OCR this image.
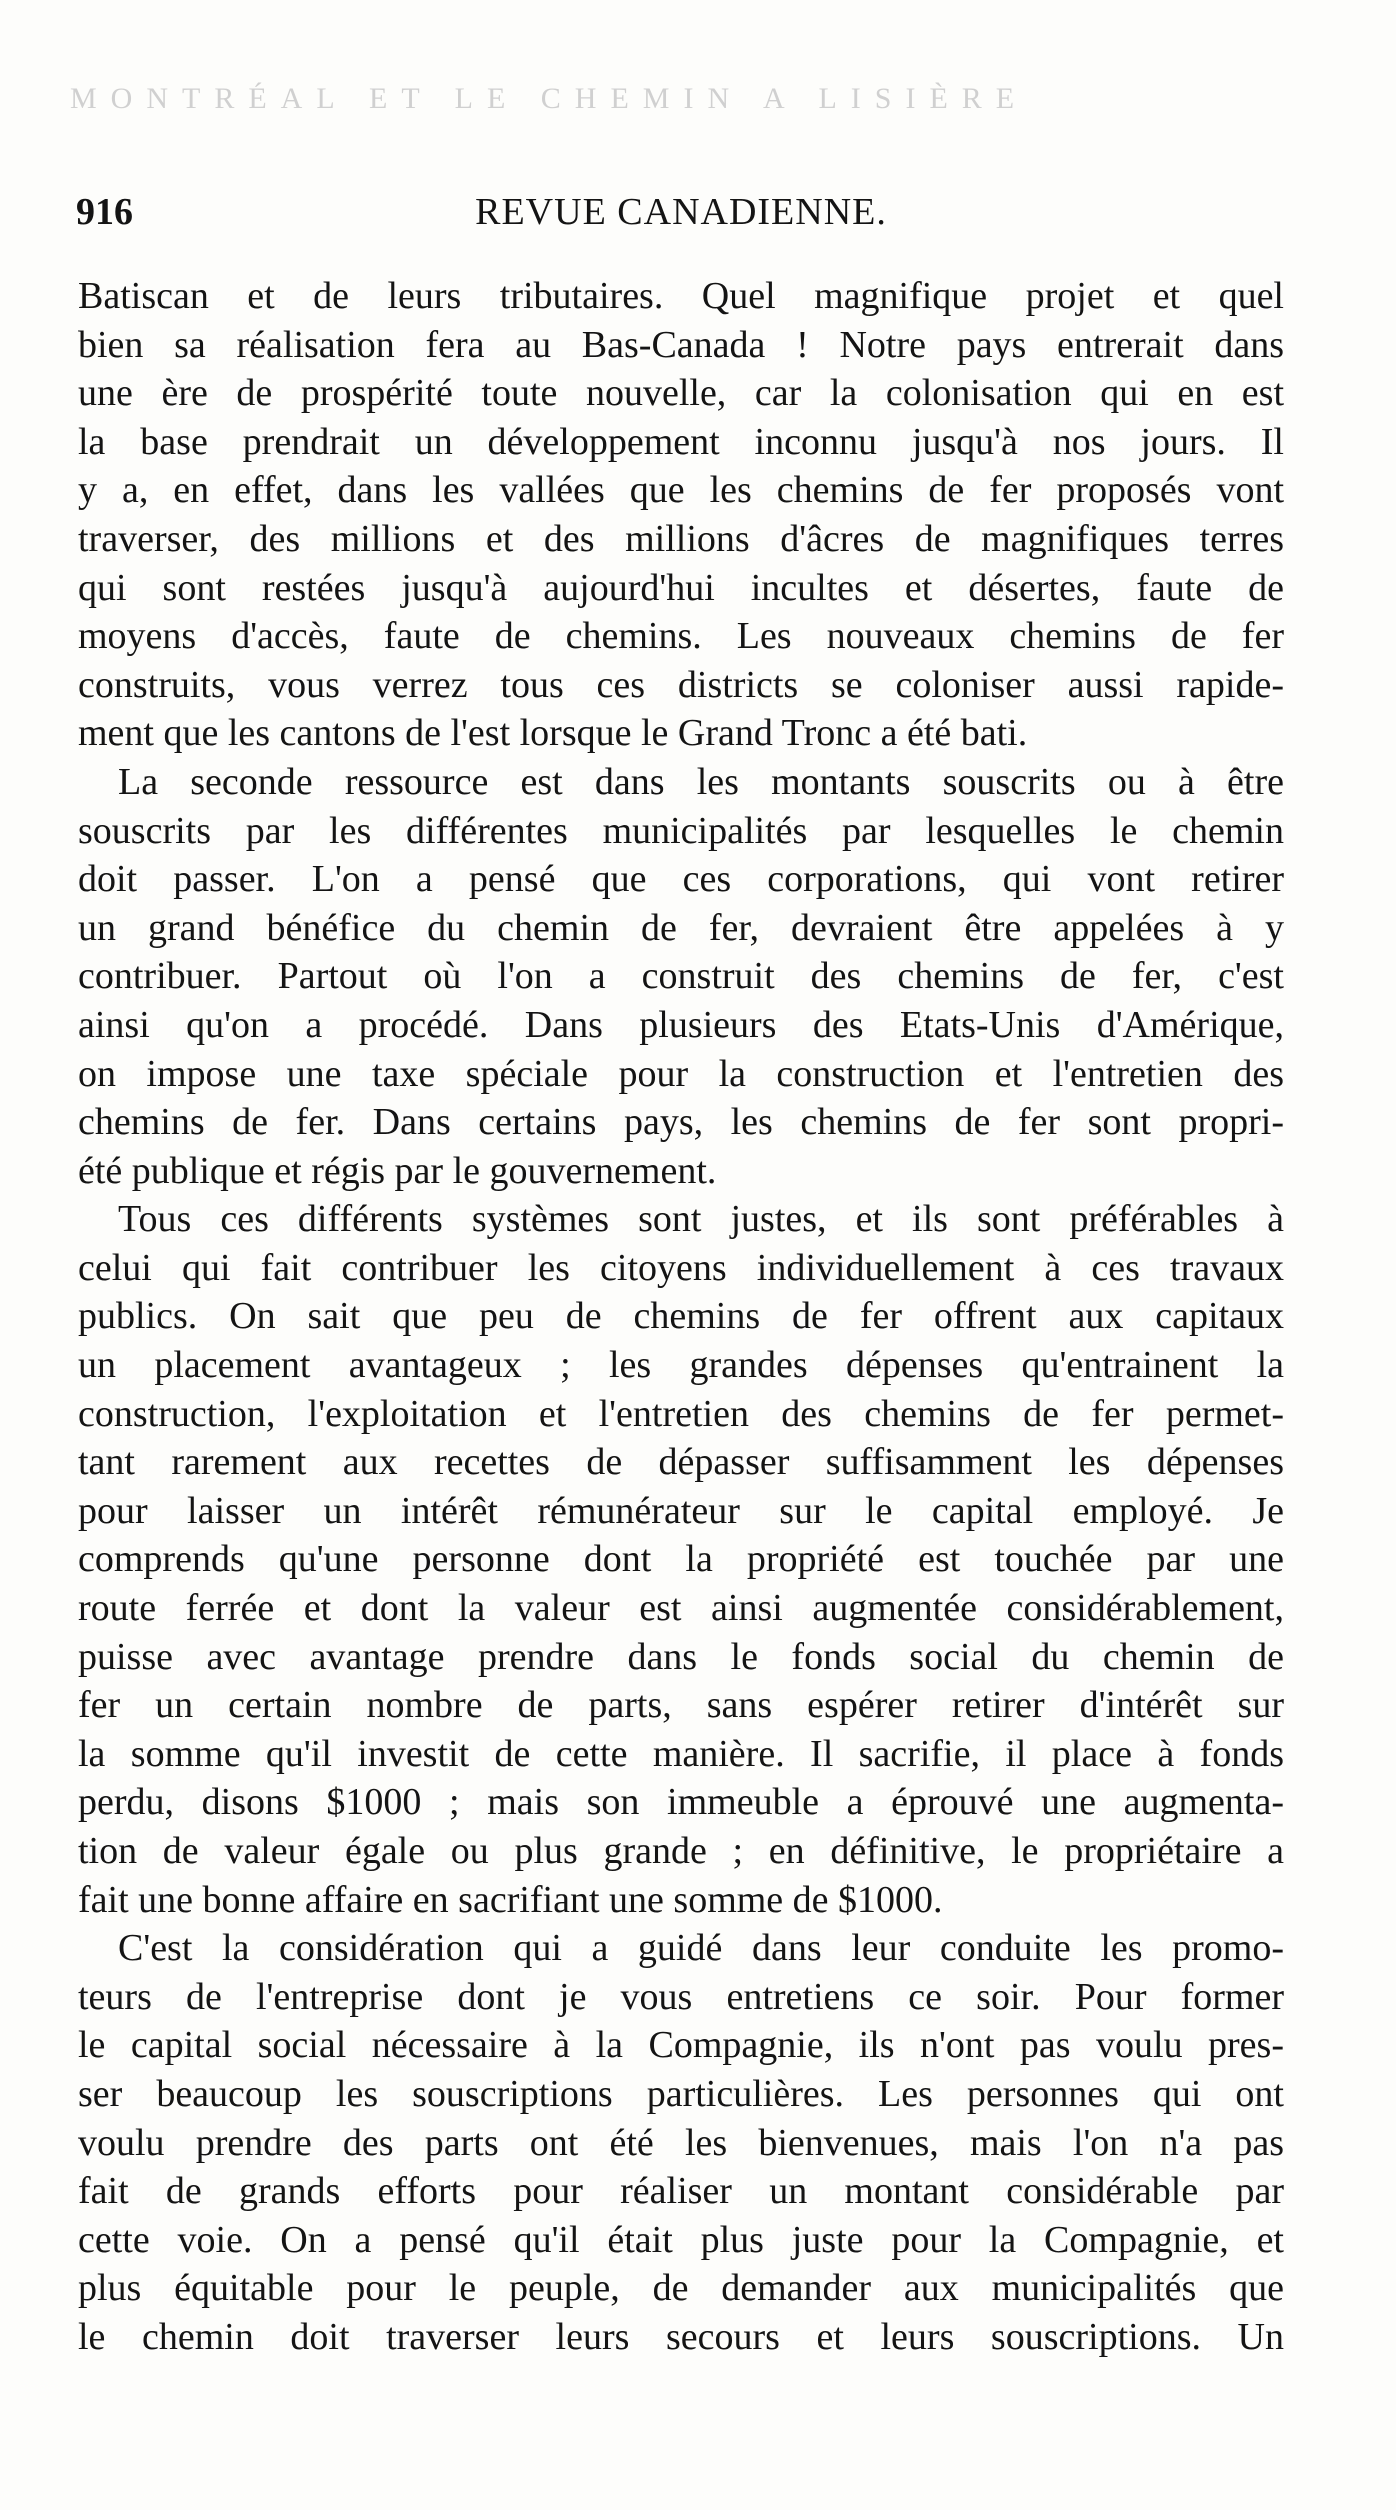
MONTRÉAL ET LE CHEMIN A LISIÈRE
916	REVUE CANADIENNE.
Batiscan et de leurs tributaires. Quel magnifique projet et quel
bien sa réalisation fera au Bas-Canada ! Notre pays entrerait dans
une ère de prospérité toute nouvelle, car la colonisation qui en est
la base prendrait un développement inconnu jusqu'à nos jours. Il
y a, en effet, dans les vallées que les chemins de fer proposés vont
traverser, des millions et des millions d'âcres de magnifiques terres
qui sont restées jusqu'à aujourd'hui incultes et désertes, faute de
moyens d'accès, faute de chemins. Les nouveaux chemins de fer
construits, vous verrez tous ces districts se coloniser aussi rapide-
ment que les cantons de l'est lorsque le Grand Tronc a été bati.
La seconde ressource est dans les montants souscrits ou à être
souscrits par les différentes municipalités par lesquelles le chemin
doit passer. L'on a pensé que ces corporations, qui vont retirer
un grand bénéfice du chemin de fer, devraient être appelées à y
contribuer. Partout où l'on a construit des chemins de fer, c'est
ainsi qu'on a procédé. Dans plusieurs des Etats-Unis d'Amérique,
on impose une taxe spéciale pour la construction et l'entretien des
chemins de fer. Dans certains pays, les chemins de fer sont propri-
été publique et régis par le gouvernement.
Tous ces différents systèmes sont justes, et ils sont préférables à
celui qui fait contribuer les citoyens individuellement à ces travaux
publics. On sait que peu de chemins de fer offrent aux capitaux
un placement avantageux ; les grandes dépenses qu'entrainent la
construction, l'exploitation et l'entretien des chemins de fer permet-
tant rarement aux recettes de dépasser suffisamment les dépenses
pour laisser un intérêt rémunérateur sur le capital employé. Je
comprends qu'une personne dont la propriété est touchée par une
route ferrée et dont la valeur est ainsi augmentée considérablement,
puisse avec avantage prendre dans le fonds social du chemin de
fer un certain nombre de parts, sans espérer retirer d'intérêt sur
la somme qu'il investit de cette manière. Il sacrifie, il place à fonds
perdu, disons $1000 ; mais son immeuble a éprouvé une augmenta-
tion de valeur égale ou plus grande ; en définitive, le propriétaire a
fait une bonne affaire en sacrifiant une somme de $1000.
C'est la considération qui a guidé dans leur conduite les promo-
teurs de l'entreprise dont je vous entretiens ce soir. Pour former
le capital social nécessaire à la Compagnie, ils n'ont pas voulu pres-
ser beaucoup les souscriptions particulières. Les personnes qui ont
voulu prendre des parts ont été les bienvenues, mais l'on n'a pas
fait de grands efforts pour réaliser un montant considérable par
cette voie. On a pensé qu'il était plus juste pour la Compagnie, et
plus équitable pour le peuple, de demander aux municipalités que
le chemin doit traverser leurs secours et leurs souscriptions. Un
